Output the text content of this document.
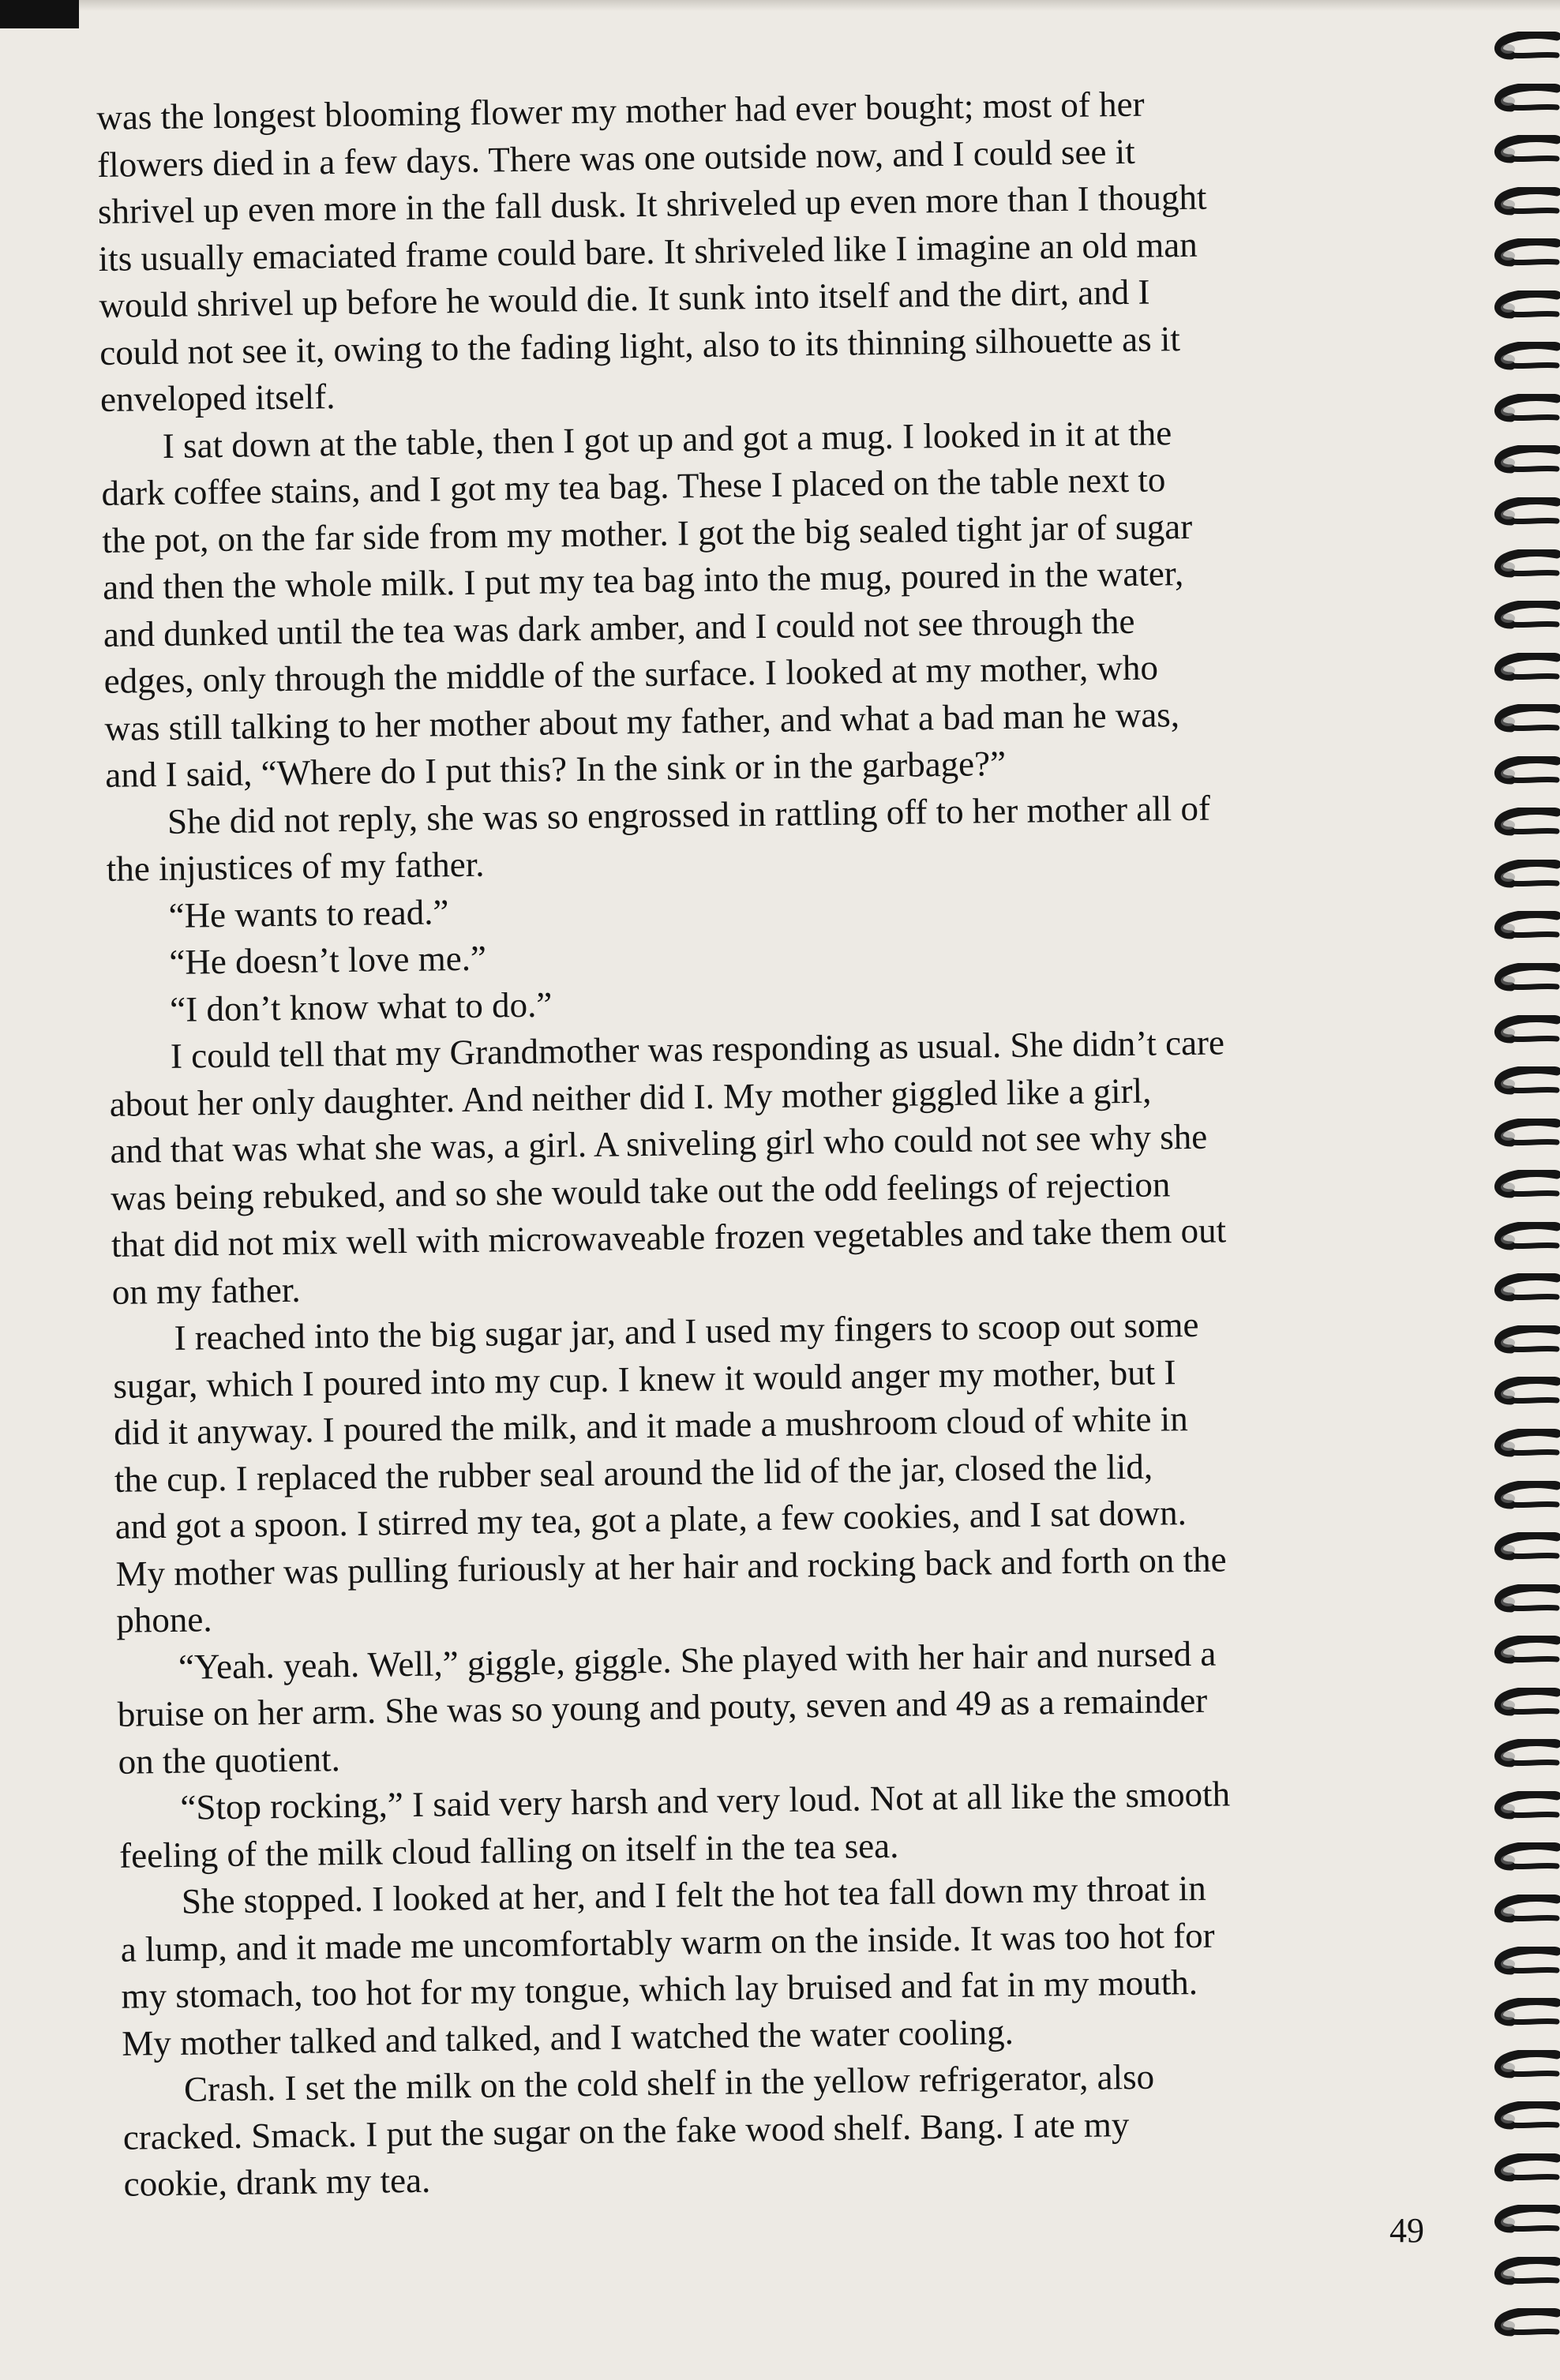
was the longest blooming flower my mother had ever bought; most of her
flowers died in a few days. There was one outside now, and I could see it
shrivel up even more in the fall dusk. It shriveled up even more than I thought
its usually emaciated frame could bare. It shriveled like I imagine an old man
would shrivel up before he would die. It sunk into itself and the dirt, and I
could not see it, owing to the fading light, also to its thinning silhouette as it
enveloped itself.
I sat down at the table, then I got up and got a mug. I looked in it at the
dark coffee stains, and I got my tea bag. These I placed on the table next to
the pot, on the far side from my mother. I got the big sealed tight jar of sugar
and then the whole milk. I put my tea bag into the mug, poured in the water,
and dunked until the tea was dark amber, and I could not see through the
edges, only through the middle of the surface. I looked at my mother, who
was still talking to her mother about my father, and what a bad man he was,
and I said, “Where do I put this? In the sink or in the garbage?”
She did not reply, she was so engrossed in rattling off to her mother all of
the injustices of my father.
“He wants to read.”
“He doesn’t love me.”
“I don’t know what to do.”
I could tell that my Grandmother was responding as usual. She didn’t care
about her only daughter. And neither did I. My mother giggled like a girl,
and that was what she was, a girl. A sniveling girl who could not see why she
was being rebuked, and so she would take out the odd feelings of rejection
that did not mix well with microwaveable frozen vegetables and take them out
on my father.
I reached into the big sugar jar, and I used my fingers to scoop out some
sugar, which I poured into my cup. I knew it would anger my mother, but I
did it anyway. I poured the milk, and it made a mushroom cloud of white in
the cup. I replaced the rubber seal around the lid of the jar, closed the lid,
and got a spoon. I stirred my tea, got a plate, a few cookies, and I sat down.
My mother was pulling furiously at her hair and rocking back and forth on the
phone.
“Yeah. yeah. Well,” giggle, giggle. She played with her hair and nursed a
bruise on her arm. She was so young and pouty, seven and 49 as a remainder
on the quotient.
“Stop rocking,” I said very harsh and very loud. Not at all like the smooth
feeling of the milk cloud falling on itself in the tea sea.
She stopped. I looked at her, and I felt the hot tea fall down my throat in
a lump, and it made me uncomfortably warm on the inside. It was too hot for
my stomach, too hot for my tongue, which lay bruised and fat in my mouth.
My mother talked and talked, and I watched the water cooling.
Crash. I set the milk on the cold shelf in the yellow refrigerator, also
cracked. Smack. I put the sugar on the fake wood shelf. Bang. I ate my
cookie, drank my tea.
49
